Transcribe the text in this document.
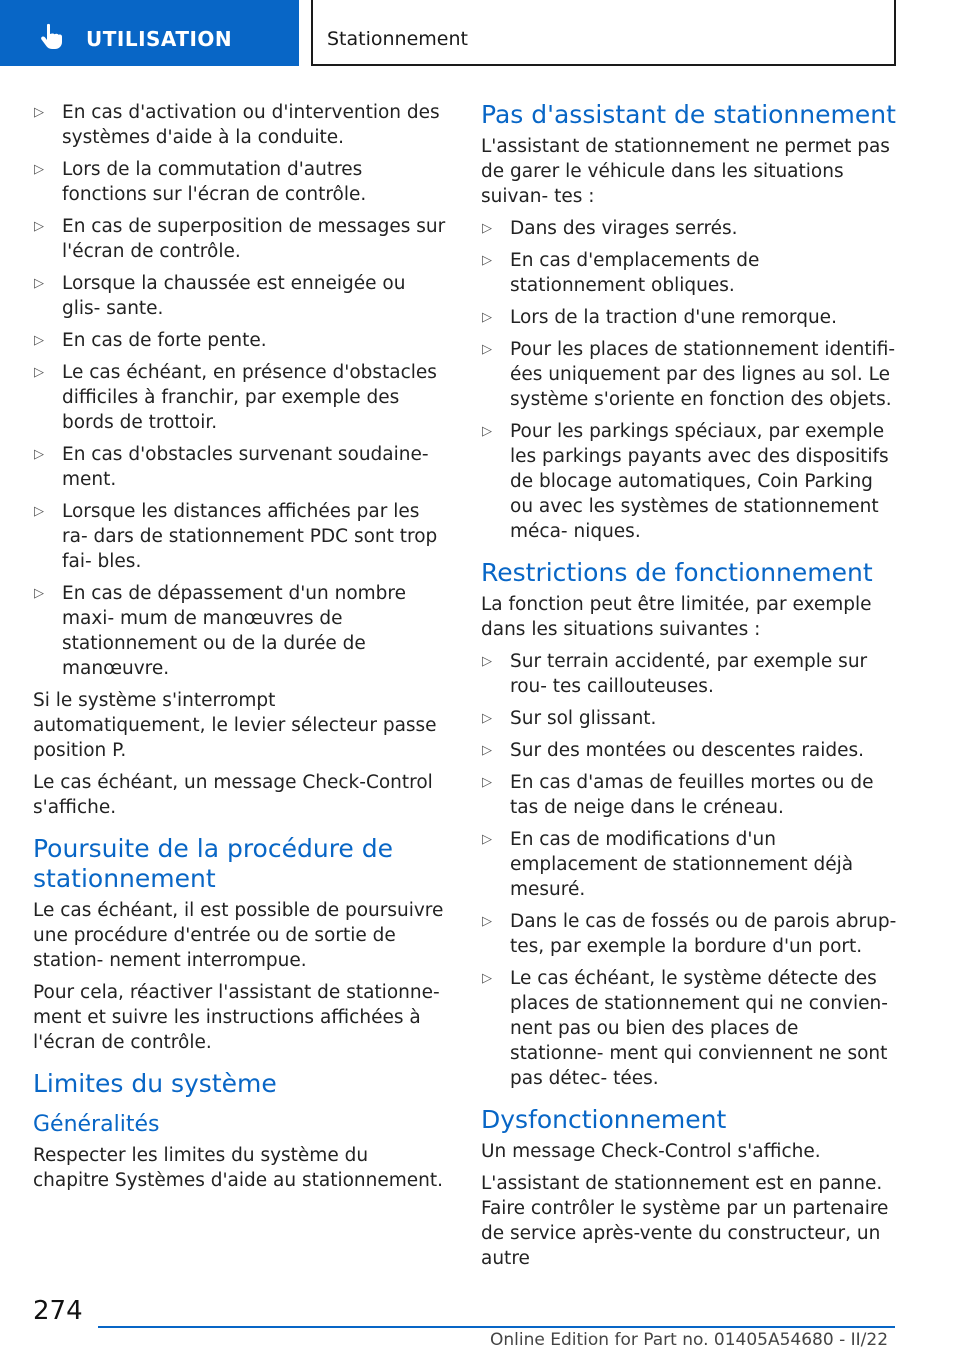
UTILISATION	Stationnement
▷ En cas d'activation ou d'intervention des systèmes d'aide à la conduite.
▷ Lors de la commutation d'autres fonctions sur l'écran de contrôle.
▷ En cas de superposition de messages sur l'écran de contrôle.
▷ Lorsque la chaussée est enneigée ou glis- sante.
▷ En cas de forte pente.
▷ Le cas échéant, en présence d'obstacles difficiles à franchir, par exemple des bords de trottoir.
▷ En cas d'obstacles survenant soudaine- ment.
▷ Lorsque les distances affichées par les ra- dars de stationnement PDC sont trop fai- bles.
▷ En cas de dépassement d'un nombre maxi- mum de manœuvres de stationnement ou de la durée de manœuvre.

Si le système s'interrompt automatiquement, le levier sélecteur passe position P.

Le cas échéant, un message Check-Control s'affiche.

Poursuite de la procédure de stationnement

Le cas échéant, il est possible de poursuivre une procédure d'entrée ou de sortie de station- nement interrompue.

Pour cela, réactiver l'assistant de stationne- ment et suivre les instructions affichées à l'écran de contrôle.

Limites du système
Généralités

Respecter les limites du système du chapitre Systèmes d'aide au stationnement.

Pas d'assistant de stationnement

L'assistant de stationnement ne permet pas de garer le véhicule dans les situations suivan- tes :

▷ Dans des virages serrés.
▷ En cas d'emplacements de stationnement obliques.
▷ Lors de la traction d'une remorque.
▷ Pour les places de stationnement identifi- ées uniquement par des lignes au sol. Le système s'oriente en fonction des objets.
▷ Pour les parkings spéciaux, par exemple les parkings payants avec des dispositifs de blocage automatiques, Coin Parking ou avec les systèmes de stationnement méca- niques.
Restrictions de fonctionnement

La fonction peut être limitée, par exemple dans les situations suivantes :

▷ Sur terrain accidenté, par exemple sur rou- tes caillouteuses.
▷ Sur sol glissant.
▷ Sur des montées ou descentes raides.
▷ En cas d'amas de feuilles mortes ou de tas de neige dans le créneau.
▷ En cas de modifications d'un emplacement de stationnement déjà mesuré.
▷ Dans le cas de fossés ou de parois abrup- tes, par exemple la bordure d'un port.
▷ Le cas échéant, le système détecte des places de stationnement qui ne convien- nent pas ou bien des places de stationne- ment qui conviennent ne sont pas détec- tées.
Dysfonctionnement

Un message Check-Control s'affiche.

L'assistant de stationnement est en panne. Faire contrôler le système par un partenaire de service après-vente du constructeur, un autre

274
Online Edition for Part no. 01405A54680 - II/22
